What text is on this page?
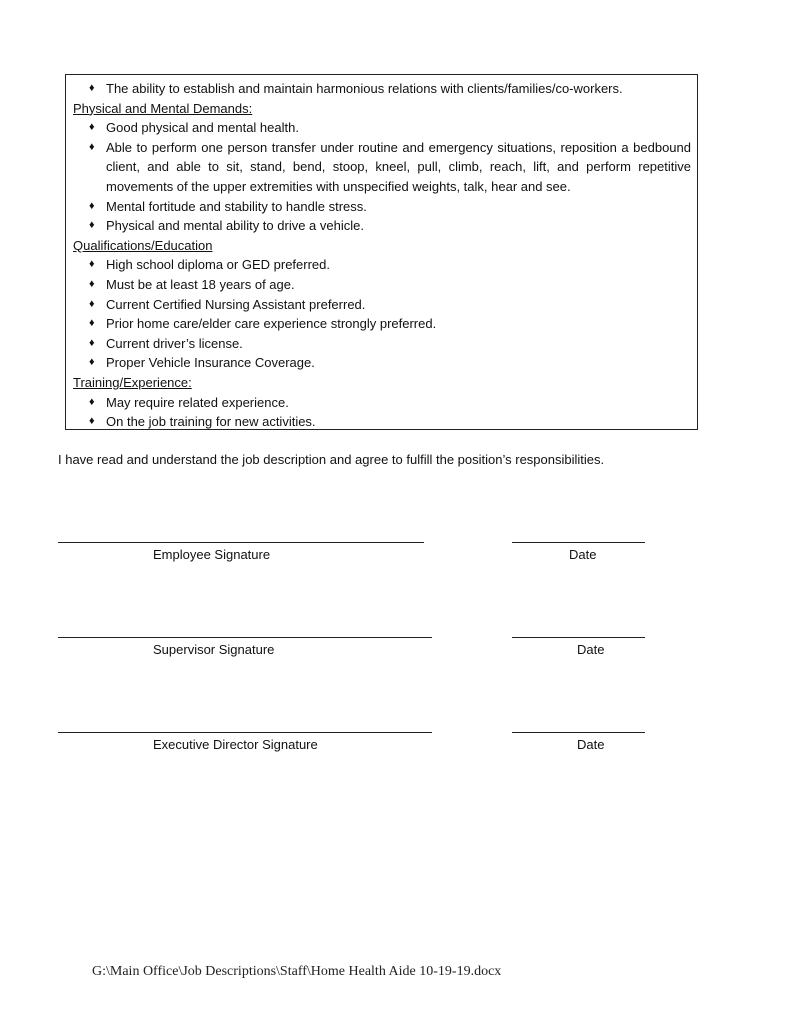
♦ The ability to establish and maintain harmonious relations with clients/families/co-workers.
Physical and Mental Demands:
♦ Good physical and mental health.
♦ Able to perform one person transfer under routine and emergency situations, reposition a bedbound client, and able to sit, stand, bend, stoop, kneel, pull, climb, reach, lift, and perform repetitive movements of the upper extremities with unspecified weights, talk, hear and see.
♦ Mental fortitude and stability to handle stress.
♦ Physical and mental ability to drive a vehicle.
Qualifications/Education
♦ High school diploma or GED preferred.
♦ Must be at least 18 years of age.
♦ Current Certified Nursing Assistant preferred.
♦ Prior home care/elder care experience strongly preferred.
♦ Current driver’s license.
♦ Proper Vehicle Insurance Coverage.
Training/Experience:
♦ May require related experience.
♦ On the job training for new activities.
I have read and understand the job description and agree to fulfill the position’s responsibilities.
Employee Signature	Date
Supervisor Signature	Date
Executive Director Signature	Date
G:\Main Office\Job Descriptions\Staff\Home Health Aide 10-19-19.docx
